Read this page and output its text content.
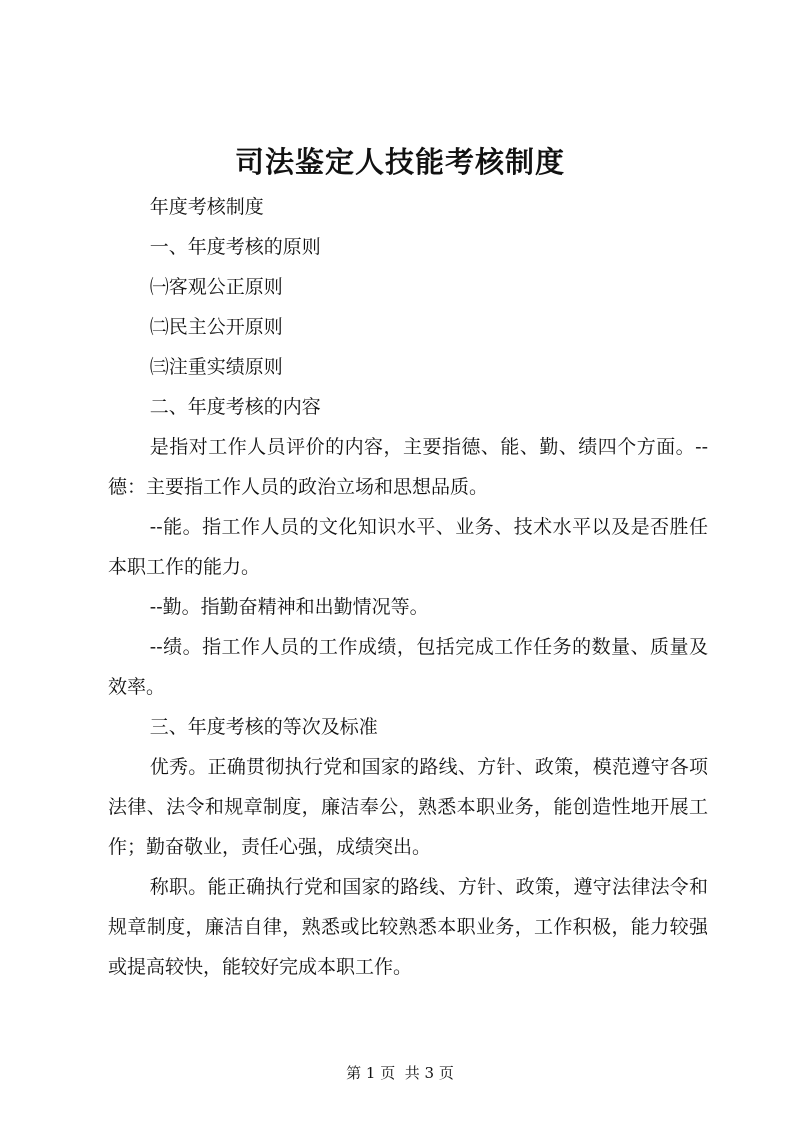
司法鉴定人技能考核制度

年度考核制度

一、年度考核的原则

㈠客观公正原则

㈡民主公开原则

㈢注重实绩原则

二、年度考核的内容

是指对工作人员评价的内容，主要指德、能、勤、绩四个方面。--德：主要指工作人员的政治立场和思想品质。

--能。指工作人员的文化知识水平、业务、技术水平以及是否胜任本职工作的能力。

--勤。指勤奋精神和出勤情况等。

--绩。指工作人员的工作成绩，包括完成工作任务的数量、质量及效率。

三、年度考核的等次及标准

优秀。正确贯彻执行党和国家的路线、方针、政策，模范遵守各项法律、法令和规章制度，廉洁奉公，熟悉本职业务，能创造性地开展工作；勤奋敬业，责任心强，成绩突出。

称职。能正确执行党和国家的路线、方针、政策，遵守法律法令和规章制度，廉洁自律，熟悉或比较熟悉本职业务，工作积极，能力较强或提高较快，能较好完成本职工作。

第 1 页  共 3 页
